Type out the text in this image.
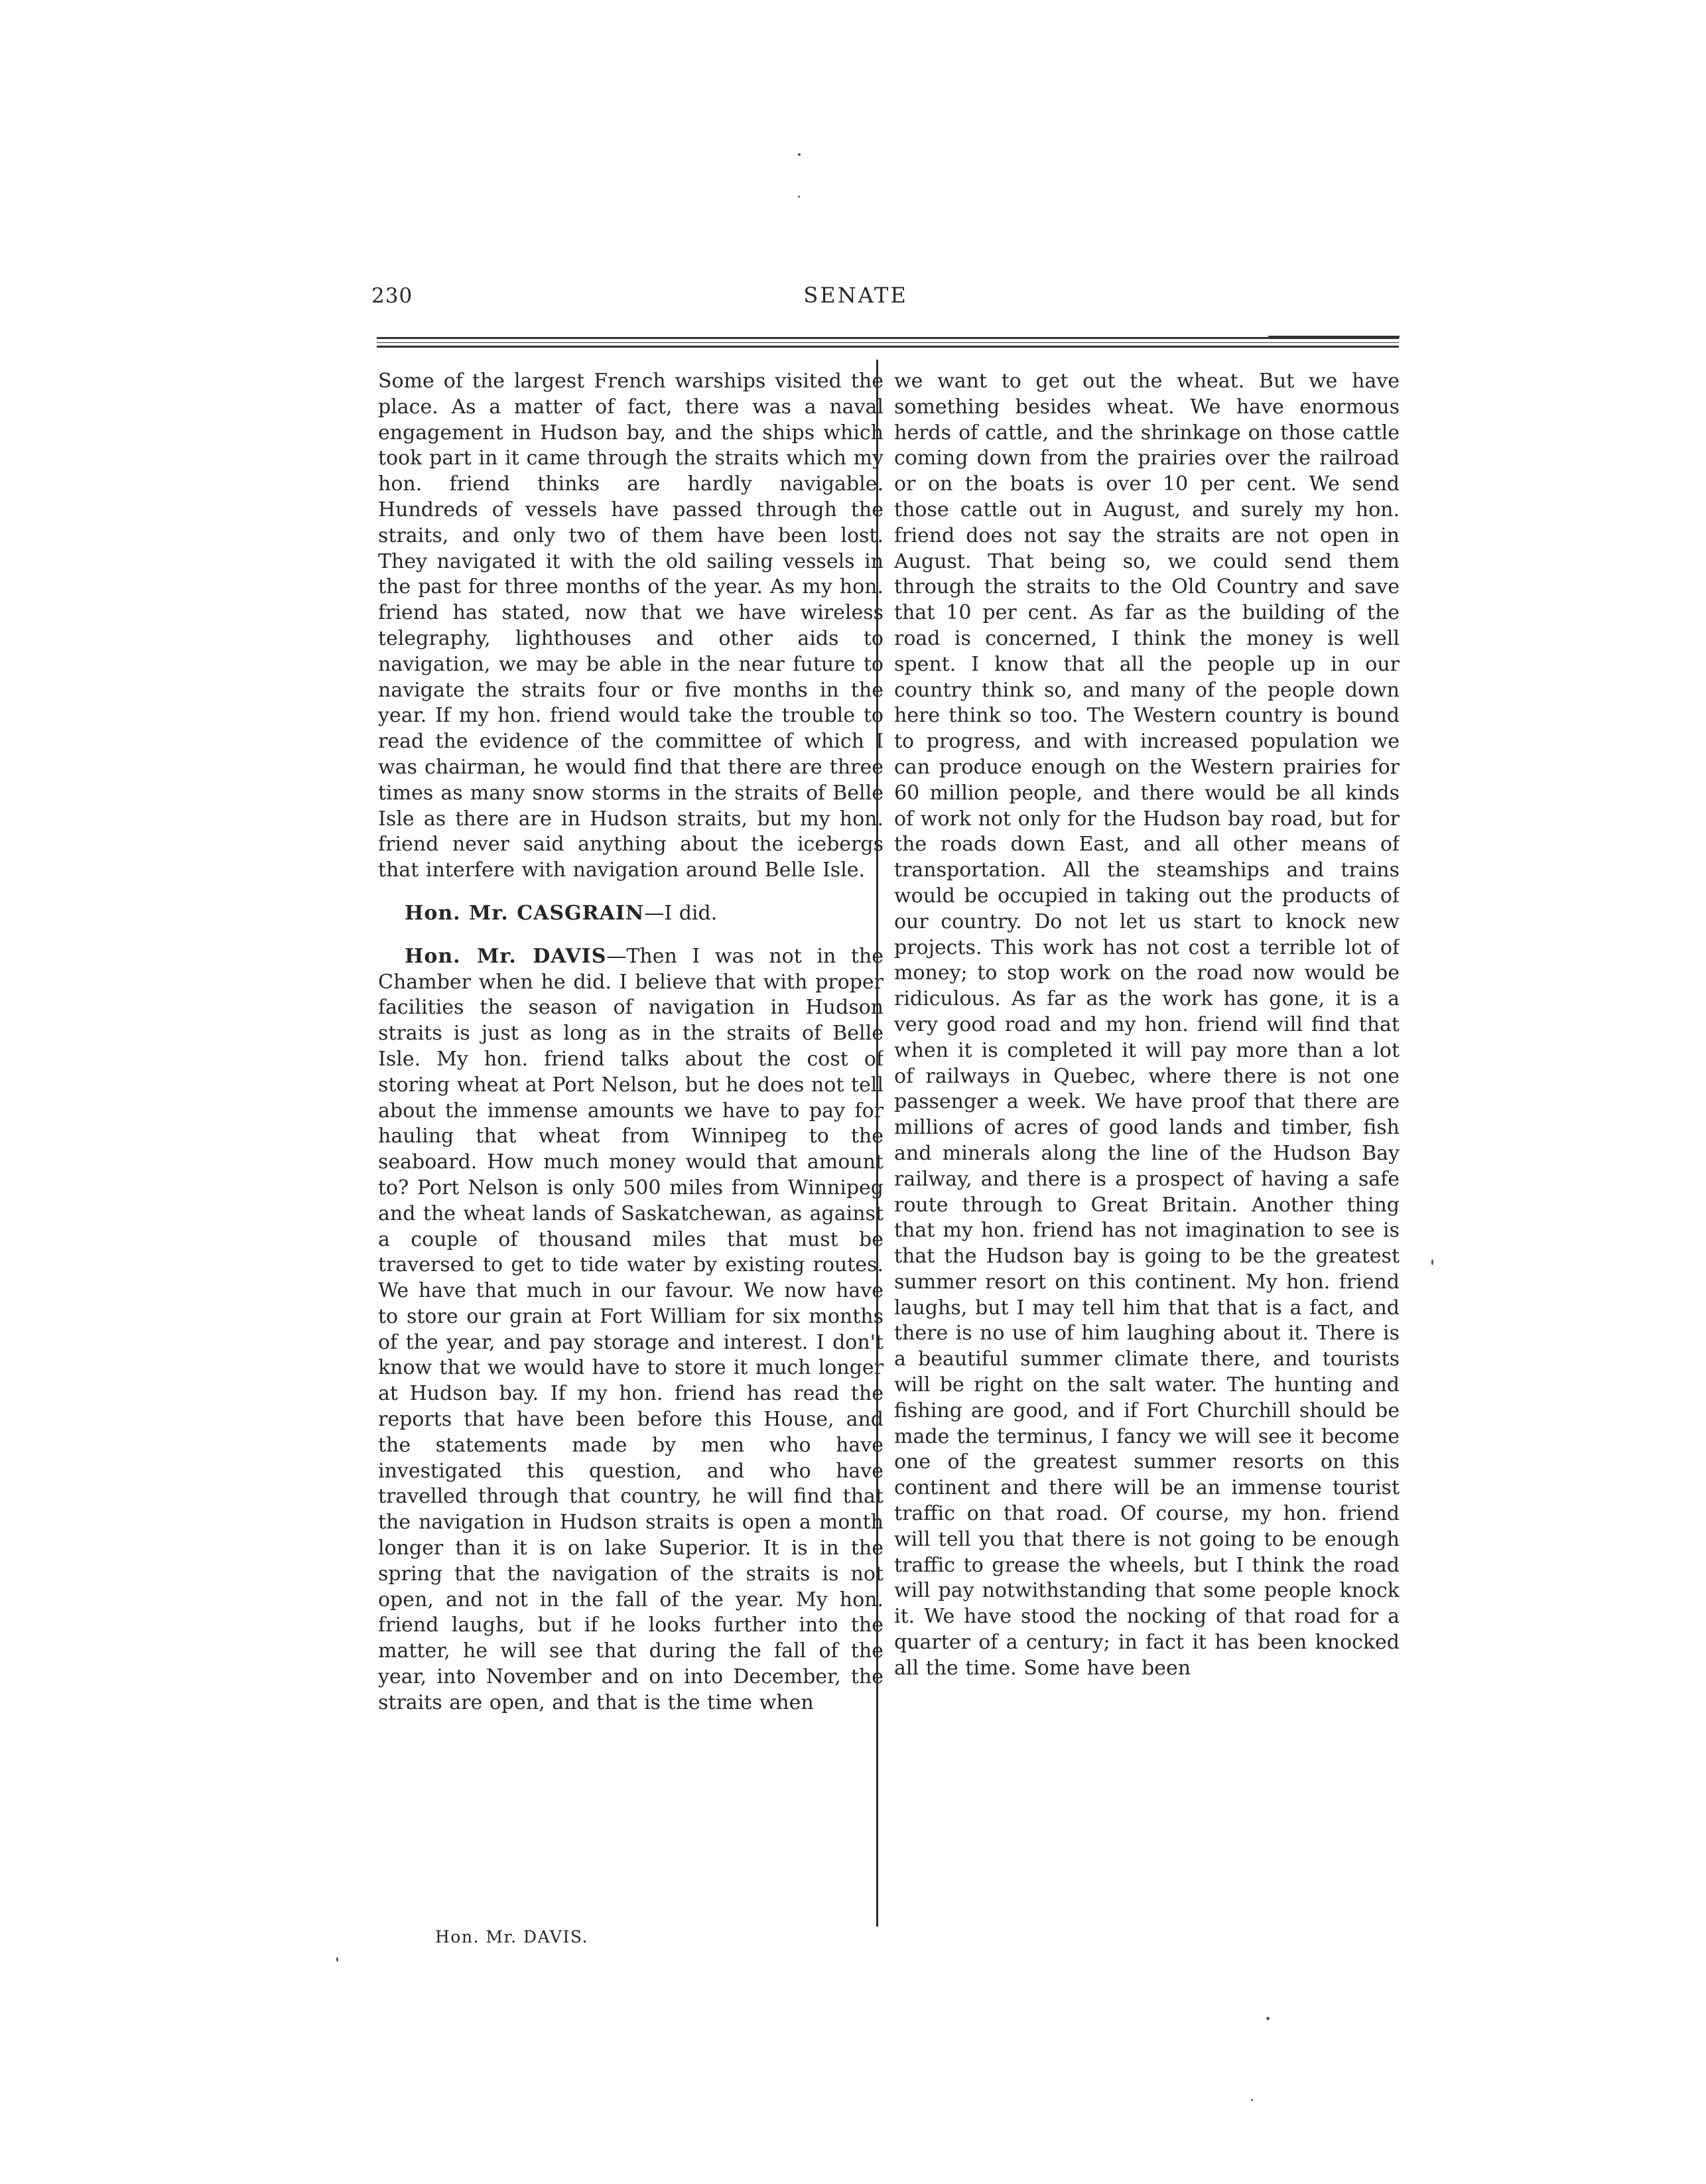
230	SENATE

Some of the largest French warships visited the place. As a matter of fact, there was a naval engagement in Hudson bay, and the ships which took part in it came through the straits which my hon. friend thinks are hardly navigable. Hundreds of vessels have passed through the straits, and only two of them have been lost. They navigated it with the old sailing vessels in the past for three months of the year. As my hon. friend has stated, now that we have wireless telegraphy, lighthouses and other aids to navigation, we may be able in the near future to navigate the straits four or five months in the year. If my hon. friend would take the trouble to read the evidence of the committee of which I was chairman, he would find that there are three times as many snow storms in the straits of Belle Isle as there are in Hudson straits, but my hon. friend never said anything about the icebergs that interfere with navigation around Belle Isle.

Hon. Mr. CASGRAIN—I did.

Hon. Mr. DAVIS—Then I was not in the Chamber when he did. I believe that with proper facilities the season of navigation in Hudson straits is just as long as in the straits of Belle Isle. My hon. friend talks about the cost of storing wheat at Port Nelson, but he does not tell about the immense amounts we have to pay for hauling that wheat from Winnipeg to the seaboard. How much money would that amount to? Port Nelson is only 500 miles from Winnipeg and the wheat lands of Saskatchewan, as against a couple of thousand miles that must be traversed to get to tide water by existing routes. We have that much in our favour. We now have to store our grain at Fort William for six months of the year, and pay storage and interest. I don't know that we would have to store it much longer at Hudson bay. If my hon. friend has read the reports that have been before this House, and the statements made by men who have investigated this question, and who have travelled through that country, he will find that the navigation in Hudson straits is open a month longer than it is on lake Superior. It is in the spring that the navigation of the straits is not open, and not in the fall of the year. My hon. friend laughs, but if he looks further into the matter, he will see that during the fall of the year, into November and on into December, the straits are open, and that is the time when

we want to get out the wheat. But we have something besides wheat. We have enormous herds of cattle, and the shrinkage on those cattle coming down from the prairies over the railroad or on the boats is over 10 per cent. We send those cattle out in August, and surely my hon. friend does not say the straits are not open in August. That being so, we could send them through the straits to the Old Country and save that 10 per cent. As far as the building of the road is concerned, I think the money is well spent. I know that all the people up in our country think so, and many of the people down here think so too. The Western country is bound to progress, and with increased population we can produce enough on the Western prairies for 60 million people, and there would be all kinds of work not only for the Hudson bay road, but for the roads down East, and all other means of transportation. All the steamships and trains would be occupied in taking out the products of our country. Do not let us start to knock new projects. This work has not cost a terrible lot of money; to stop work on the road now would be ridiculous. As far as the work has gone, it is a very good road and my hon. friend will find that when it is completed it will pay more than a lot of railways in Quebec, where there is not one passenger a week. We have proof that there are millions of acres of good lands and timber, fish and minerals along the line of the Hudson Bay railway, and there is a prospect of having a safe route through to Great Britain. Another thing that my hon. friend has not imagination to see is that the Hudson bay is going to be the greatest summer resort on this continent. My hon. friend laughs, but I may tell him that that is a fact, and there is no use of him laughing about it. There is a beautiful summer climate there, and tourists will be right on the salt water. The hunting and fishing are good, and if Fort Churchill should be made the terminus, I fancy we will see it become one of the greatest summer resorts on this continent and there will be an immense tourist traffic on that road. Of course, my hon. friend will tell you that there is not going to be enough traffic to grease the wheels, but I think the road will pay notwithstanding that some people knock it. We have stood the nocking of that road for a quarter of a century; in fact it has been knocked all the time. Some have been

Hon. Mr. DAVIS.
